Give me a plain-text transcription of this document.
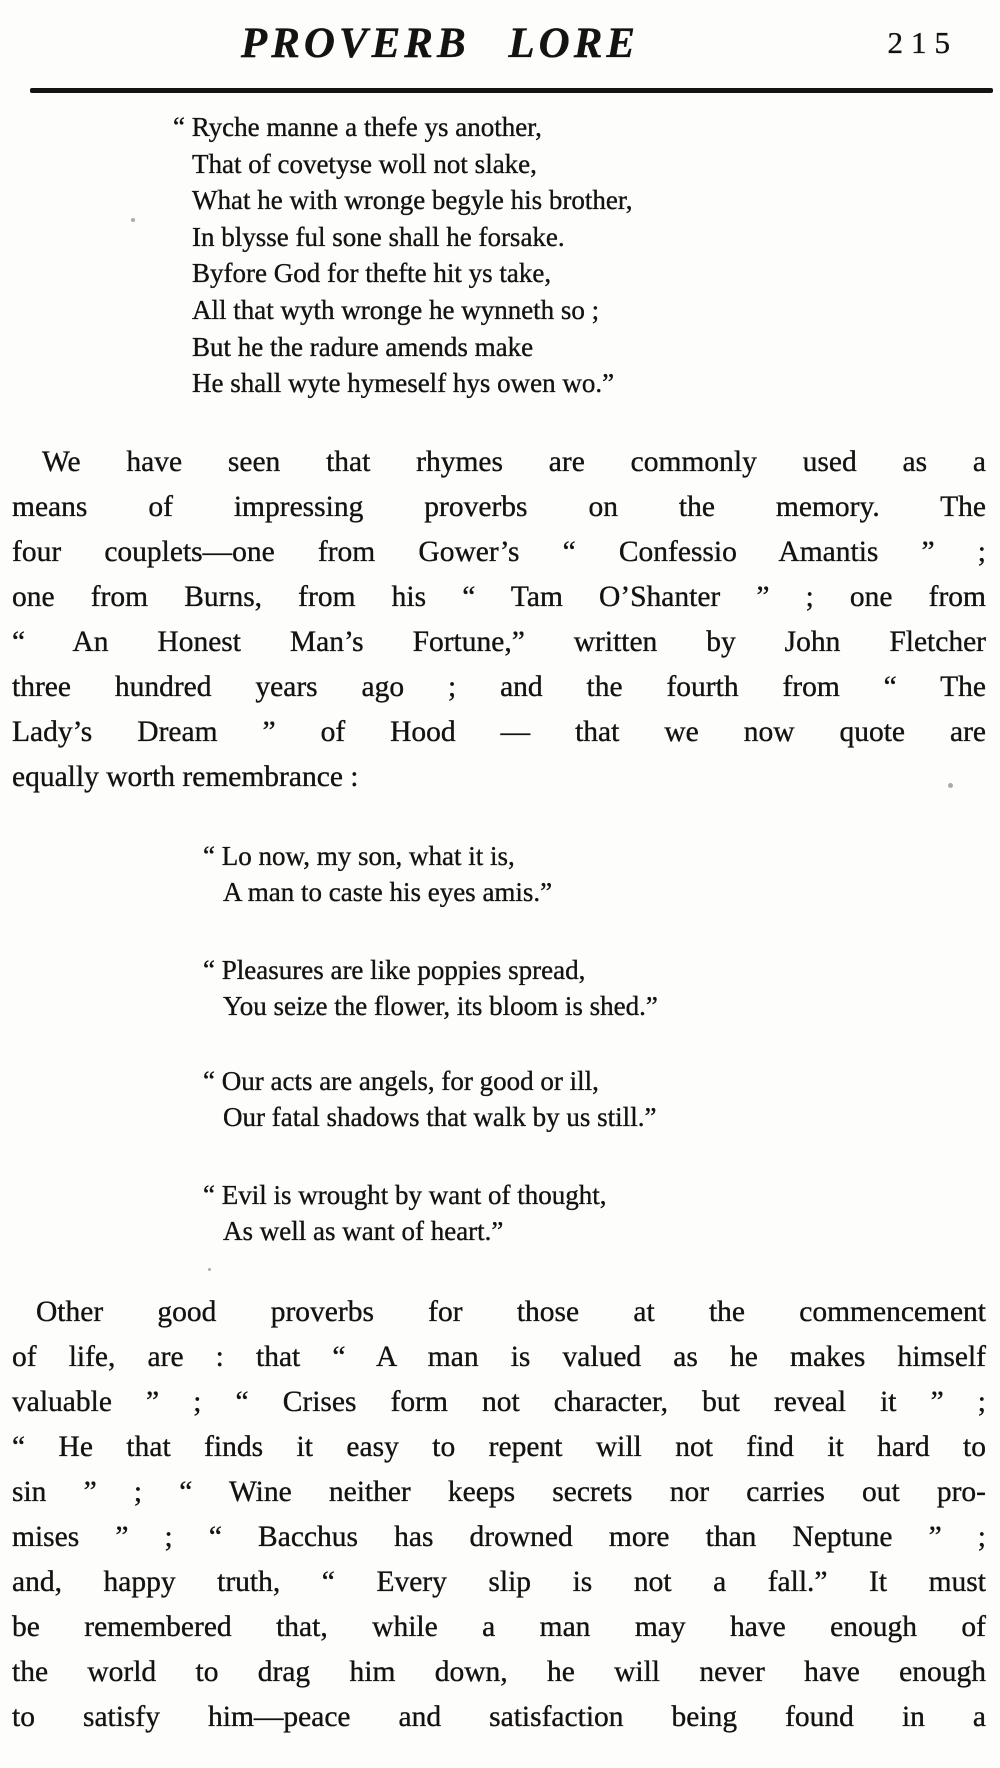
PROVERB LORE	215
“ Ryche manne a thefe ys another,
That of covetyse woll not slake,
What he with wronge begyle his brother,
In blysse ful sone shall he forsake.
Byfore God for thefte hit ys take,
All that wyth wronge he wynneth so ;
But he the radure amends make
He shall wyte hymeself hys owen wo.”
We have seen that rhymes are commonly used as a
means of impressing proverbs on the memory. The
four couplets—one from Gower’s “ Confessio Amantis ” ;
one from Burns, from his “ Tam O’Shanter ” ; one from
“ An Honest Man’s Fortune,” written by John Fletcher
three hundred years ago ; and the fourth from “ The
Lady’s Dream ” of Hood — that we now quote are
equally worth remembrance :
“ Lo now, my son, what it is,
A man to caste his eyes amis.”
“ Pleasures are like poppies spread,
You seize the flower, its bloom is shed.”
“ Our acts are angels, for good or ill,
Our fatal shadows that walk by us still.”
“ Evil is wrought by want of thought,
As well as want of heart.”
Other good proverbs for those at the commencement
of life, are : that “ A man is valued as he makes himself
valuable ” ; “ Crises form not character, but reveal it ” ;
“ He that finds it easy to repent will not find it hard to
sin ” ; “ Wine neither keeps secrets nor carries out pro-
mises ” ; “ Bacchus has drowned more than Neptune ” ;
and, happy truth, “ Every slip is not a fall.” It must
be remembered that, while a man may have enough of
the world to drag him down, he will never have enough
to satisfy him—peace and satisfaction being found in a
